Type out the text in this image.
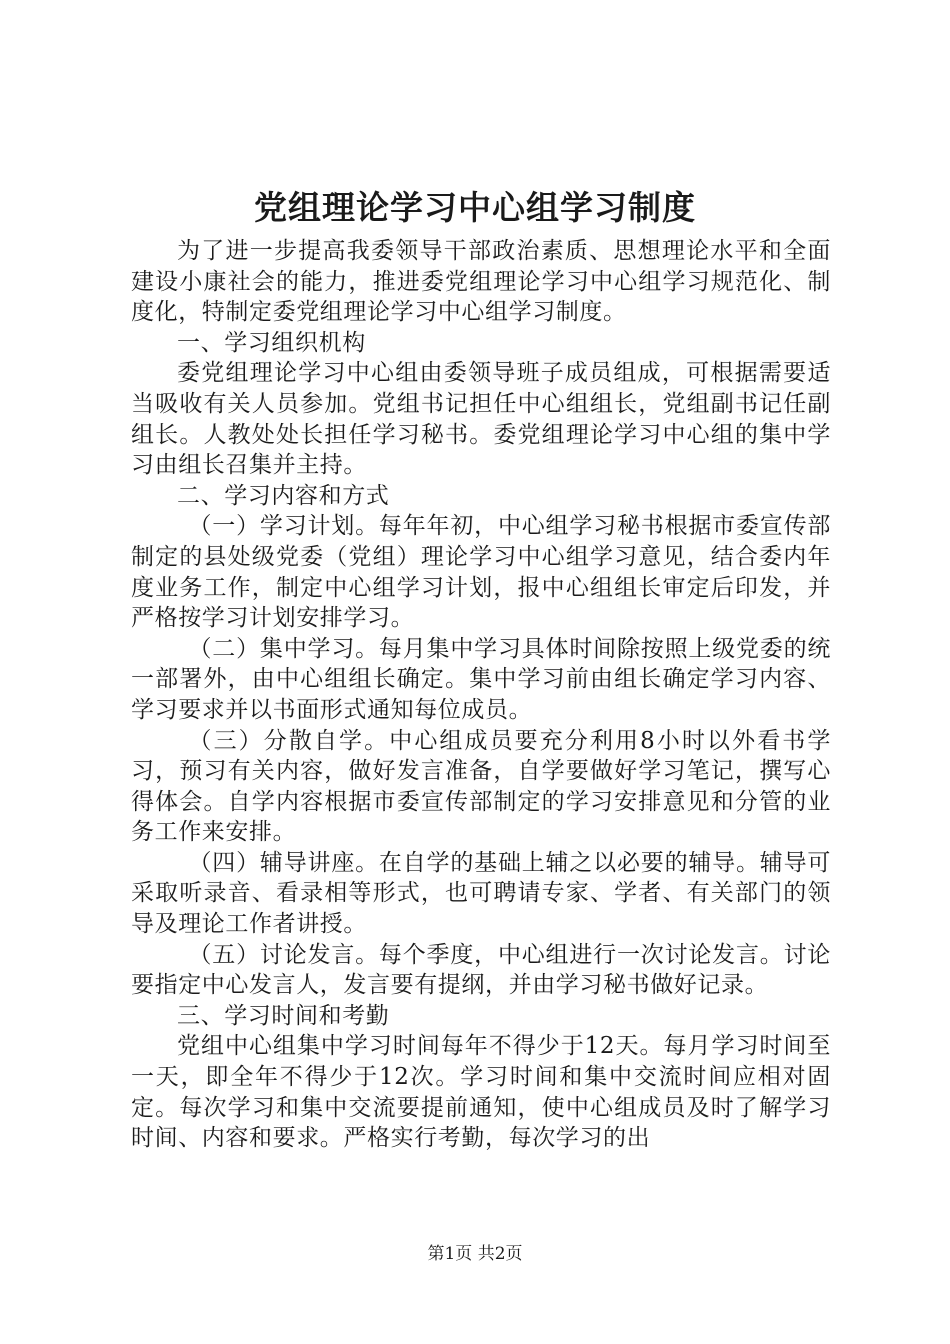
党组理论学习中心组学习制度

为了进一步提高我委领导干部政治素质、思想理论水平和全面建设小康社会的能力，推进委党组理论学习中心组学习规范化、制度化，特制定委党组理论学习中心组学习制度。

一、学习组织机构

委党组理论学习中心组由委领导班子成员组成，可根据需要适当吸收有关人员参加。党组书记担任中心组组长，党组副书记任副组长。人教处处长担任学习秘书。委党组理论学习中心组的集中学习由组长召集并主持。

二、学习内容和方式

（一）学习计划。每年年初，中心组学习秘书根据市委宣传部制定的县处级党委（党组）理论学习中心组学习意见，结合委内年度业务工作，制定中心组学习计划，报中心组组长审定后印发，并严格按学习计划安排学习。

（二）集中学习。每月集中学习具体时间除按照上级党委的统一部署外，由中心组组长确定。集中学习前由组长确定学习内容、学习要求并以书面形式通知每位成员。

（三）分散自学。中心组成员要充分利用8小时以外看书学习，预习有关内容，做好发言准备，自学要做好学习笔记，撰写心得体会。自学内容根据市委宣传部制定的学习安排意见和分管的业务工作来安排。

（四）辅导讲座。在自学的基础上辅之以必要的辅导。辅导可采取听录音、看录相等形式，也可聘请专家、学者、有关部门的领导及理论工作者讲授。

（五）讨论发言。每个季度，中心组进行一次讨论发言。讨论要指定中心发言人，发言要有提纲，并由学习秘书做好记录。

三、学习时间和考勤

党组中心组集中学习时间每年不得少于12天。每月学习时间至一天，即全年不得少于12次。学习时间和集中交流时间应相对固定。每次学习和集中交流要提前通知，使中心组成员及时了解学习时间、内容和要求。严格实行考勤，每次学习的出

第1页 共2页
